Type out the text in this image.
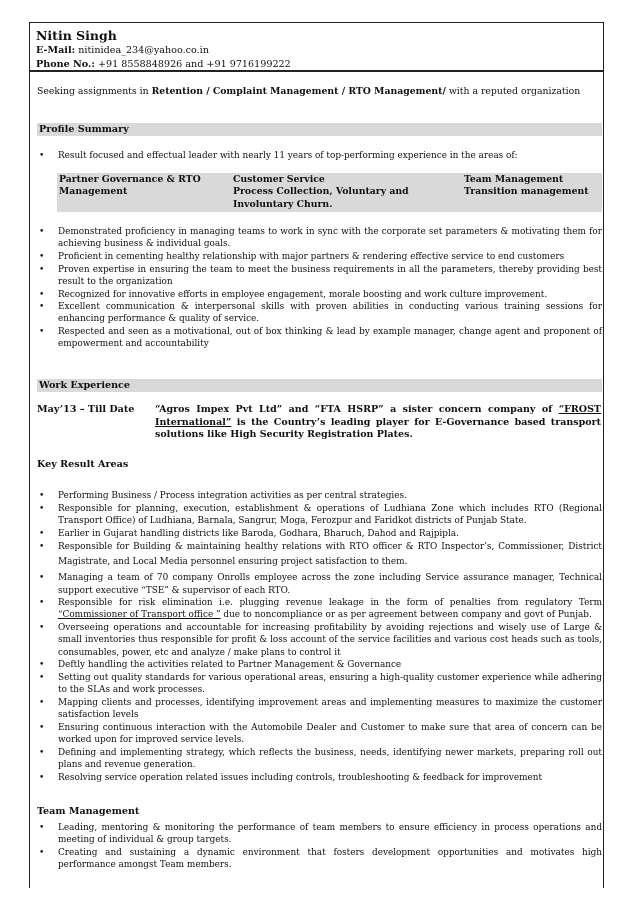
Nitin Singh
E-Mail: nitinidea_234@yahoo.co.in
Phone No.: +91 8558848926 and +91 9716199222
Seeking assignments in Retention / Complaint Management / RTO Management/ with a reputed organization
Profile Summary
• Result focused and effectual leader with nearly 11 years of top-performing experience in the areas of:
Partner Governance & RTO Management
Customer Service
Process Collection, Voluntary and Involuntary Churn.
Team Management
Transition management
• Demonstrated proficiency in managing teams to work in sync with the corporate set parameters & motivating them for achieving business & individual goals.
• Proficient in cementing healthy relationship with major partners & rendering effective service to end customers
• Proven expertise in ensuring the team to meet the business requirements in all the parameters, thereby providing best result to the organization
• Recognized for innovative efforts in employee engagement, morale boosting and work culture improvement.
• Excellent communication & interpersonal skills with proven abilities in conducting various training sessions for enhancing performance & quality of service.
• Respected and seen as a motivational, out of box thinking & lead by example manager, change agent and proponent of empowerment and accountability
Work Experience
May’13 – Till Date “Agros Impex Pvt Ltd” and “FTA HSRP” a sister concern company of “FROST International” is the Country’s leading player for E-Governance based transport solutions like High Security Registration Plates.
Key Result Areas
• Performing Business / Process integration activities as per central strategies.
• Responsible for planning, execution, establishment & operations of Ludhiana Zone which includes RTO (Regional Transport Office) of Ludhiana, Barnala, Sangrur, Moga, Ferozpur and Faridkot districts of Punjab State.
• Earlier in Gujarat handling districts like Baroda, Godhara, Bharuch, Dahod and Rajpipla.
• Responsible for Building & maintaining healthy relations with RTO officer & RTO Inspector’s, Commissioner, District Magistrate, and Local Media personnel ensuring project satisfaction to them.
• Managing a team of 70 company Onrolls employee across the zone including Service assurance manager, Technical support executive “TSE” & supervisor of each RTO.
• Responsible for risk elimination i.e. plugging revenue leakage in the form of penalties from regulatory Term “Commissioner of Transport office ” due to noncompliance or as per agreement between company and govt of Punjab.
• Overseeing operations and accountable for increasing profitability by avoiding rejections and wisely use of Large & small inventories thus responsible for profit & loss account of the service facilities and various cost heads such as tools, consumables, power, etc and analyze / make plans to control it
• Deftly handling the activities related to Partner Management & Governance
• Setting out quality standards for various operational areas, ensuring a high-quality customer experience while adhering to the SLAs and work processes.
• Mapping clients and processes, identifying improvement areas and implementing measures to maximize the customer satisfaction levels
• Ensuring continuous interaction with the Automobile Dealer and Customer to make sure that area of concern can be worked upon for improved service levels.
• Defining and implementing strategy, which reflects the business, needs, identifying newer markets, preparing roll out plans and revenue generation.
• Resolving service operation related issues including controls, troubleshooting & feedback for improvement
Team Management
• Leading, mentoring & monitoring the performance of team members to ensure efficiency in process operations and meeting of individual & group targets.
• Creating and sustaining a dynamic environment that fosters development opportunities and motivates high performance amongst Team members.
